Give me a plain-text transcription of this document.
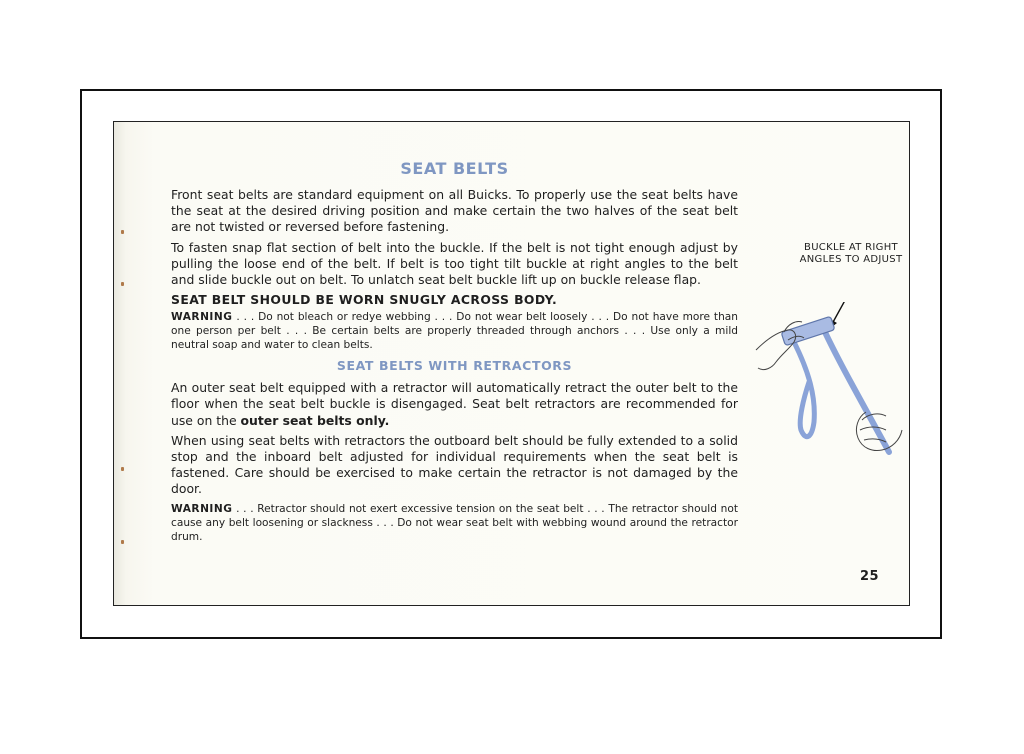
SEAT BELTS

Front seat belts are standard equipment on all Buicks. To properly use the seat belts have the seat at the desired driving position and make certain the two halves of the seat belt are not twisted or reversed before fastening.

To fasten snap flat section of belt into the buckle. If the belt is not tight enough adjust by pulling the loose end of the belt. If belt is too tight tilt buckle at right angles to the belt and slide buckle out on belt. To unlatch seat belt buckle lift up on buckle release flap.

SEAT BELT SHOULD BE WORN SNUGLY ACROSS BODY.
WARNING . . . Do not bleach or redye webbing . . . Do not wear belt loosely . . . Do not have more than one person per belt . . . Be certain belts are properly threaded through anchors . . . Use only a mild neutral soap and water to clean belts.
SEAT BELTS WITH RETRACTORS

An outer seat belt equipped with a retractor will automatically retract the outer belt to the floor when the seat belt buckle is disengaged. Seat belt retractors are recommended for use on the outer seat belts only.

When using seat belts with retractors the outboard belt should be fully extended to a solid stop and the inboard belt adjusted for individual requirements when the seat belt is fastened. Care should be exercised to make certain the retractor is not damaged by the door.

WARNING . . . Retractor should not exert excessive tension on the seat belt . . . The retractor should not cause any belt loosening or slackness . . . Do not wear seat belt with webbing wound around the retractor drum.
BUCKLE AT RIGHT ANGLES TO ADJUST
25
